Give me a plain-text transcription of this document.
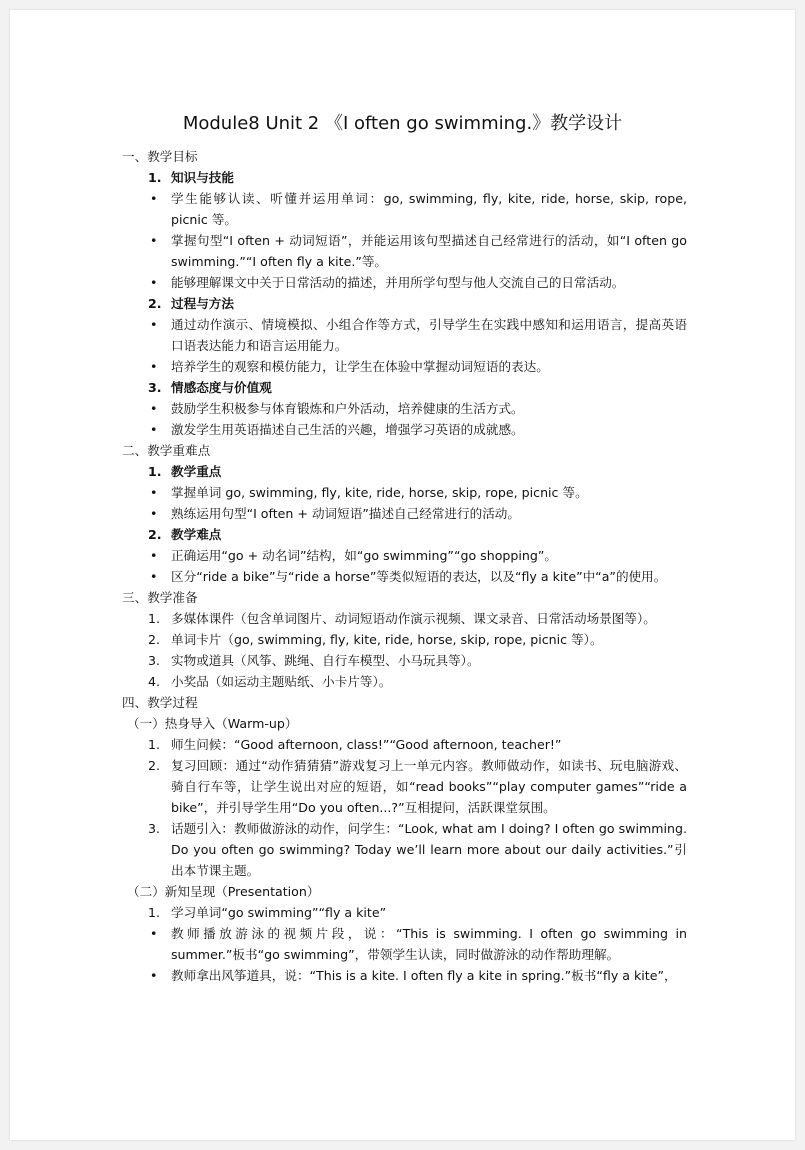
Module8 Unit 2 《I often go swimming.》教学设计
一、教学目标
1. 知识与技能
• 学生能够认读、听懂并运用单词：go, swimming, fly, kite, ride, horse, skip, rope, picnic 等。
• 掌握句型“I often + 动词短语”，并能运用该句型描述自己经常进行的活动，如“I often go swimming.”“I often fly a kite.”等。
• 能够理解课文中关于日常活动的描述，并用所学句型与他人交流自己的日常活动。
2. 过程与方法
• 通过动作演示、情境模拟、小组合作等方式，引导学生在实践中感知和运用语言，提高英语口语表达能力和语言运用能力。
• 培养学生的观察和模仿能力，让学生在体验中掌握动词短语的表达。
3. 情感态度与价值观
• 鼓励学生积极参与体育锻炼和户外活动，培养健康的生活方式。
• 激发学生用英语描述自己生活的兴趣，增强学习英语的成就感。
二、教学重难点
1. 教学重点
• 掌握单词 go, swimming, fly, kite, ride, horse, skip, rope, picnic 等。
• 熟练运用句型“I often + 动词短语”描述自己经常进行的活动。
2. 教学难点
• 正确运用“go + 动名词”结构，如“go swimming”“go shopping”。
• 区分“ride a bike”与“ride a horse”等类似短语的表达，以及“fly a kite”中“a”的使用。
三、教学准备
1. 多媒体课件（包含单词图片、动词短语动作演示视频、课文录音、日常活动场景图等）。
2. 单词卡片（go, swimming, fly, kite, ride, horse, skip, rope, picnic 等）。
3. 实物或道具（风筝、跳绳、自行车模型、小马玩具等）。
4. 小奖品（如运动主题贴纸、小卡片等）。
四、教学过程
（一）热身导入（Warm-up）
1. 师生问候：“Good afternoon, class!”“Good afternoon, teacher!”
2. 复习回顾：通过“动作猜猜猜”游戏复习上一单元内容。教师做动作，如读书、玩电脑游戏、骑自行车等，让学生说出对应的短语，如“read books”“play computer games”“ride a bike”，并引导学生用“Do you often...?”互相提问，活跃课堂氛围。
3. 话题引入：教师做游泳的动作，问学生：“Look, what am I doing? I often go swimming. Do you often go swimming? Today we’ll learn more about our daily activities.”引出本节课主题。
（二）新知呈现（Presentation）
1. 学习单词“go swimming”“fly a kite”
• 教师播放游泳的视频片段，说：“This is swimming. I often go swimming in summer.”板书“go swimming”，带领学生认读，同时做游泳的动作帮助理解。
• 教师拿出风筝道具，说：“This is a kite. I often fly a kite in spring.”板书“fly a kite”，
